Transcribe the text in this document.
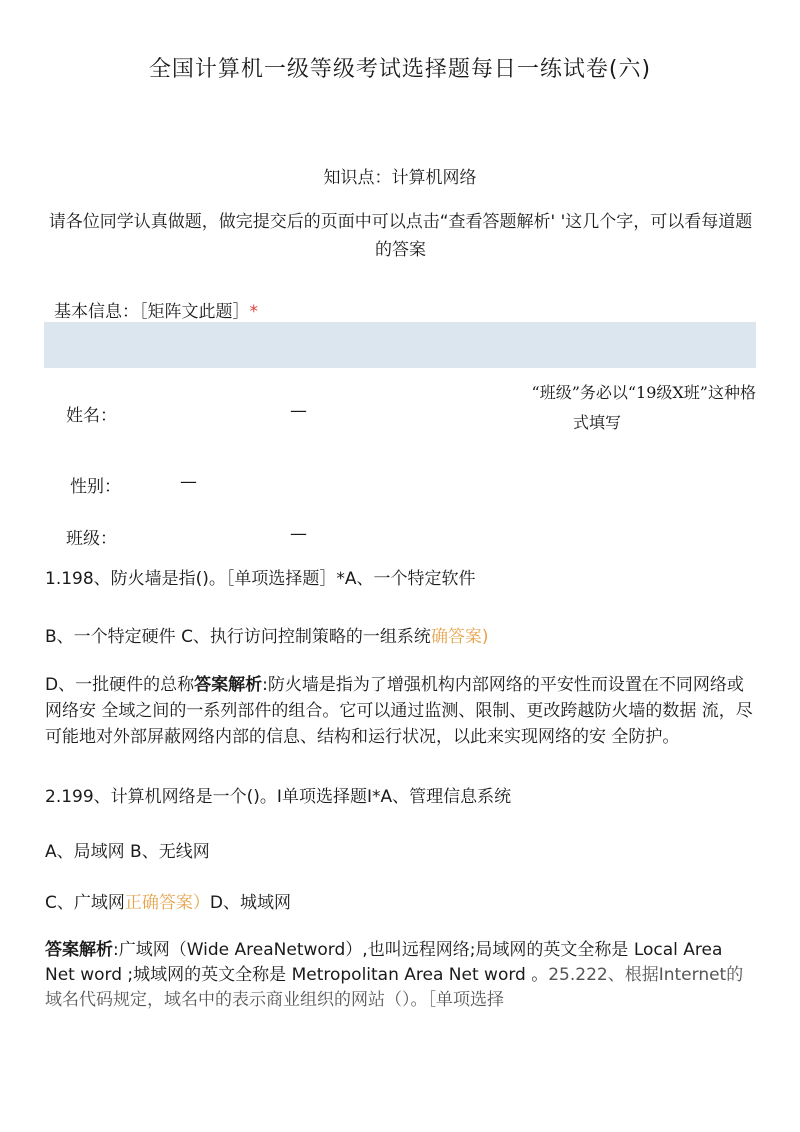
全国计算机一级等级考试选择题每日一练试卷(六)
知识点：计算机网络
请各位同学认真做题，做完提交后的页面中可以点击“查看答题解析' '这几个字，可以看每道题的答案
基本信息：［矩阵文此题］*
“班级”务必以“19级X班”这种格
式填写
姓名：	—
性别：	—
班级：	—
1.198、防火墙是指()。［单项选择题］*A、一个特定软件
B、一个特定硬件 C、执行访问控制策略的一组系统确答案)
D、一批硬件的总称答案解析:防火墙是指为了增强机构内部网络的平安性而设置在不同网络或网络安 全域之间的一系列部件的组合。它可以通过监测、限制、更改跨越防火墙的数据 流，尽可能地对外部屏蔽网络内部的信息、结构和运行状况，以此来实现网络的安 全防护。
2.199、计算机网络是一个()。I单项选择题I*A、管理信息系统
A、局域网 B、无线网
C、广域网正确答案）D、城域网
答案解析:广域网（Wide AreaNetword）,也叫远程网络;局域网的英文全称是 Local Area Net word ;城域网的英文全称是 Metropolitan Area Net word 。25.222、根据Internet的域名代码规定，域名中的表示商业组织的网站（）。［单项选择
